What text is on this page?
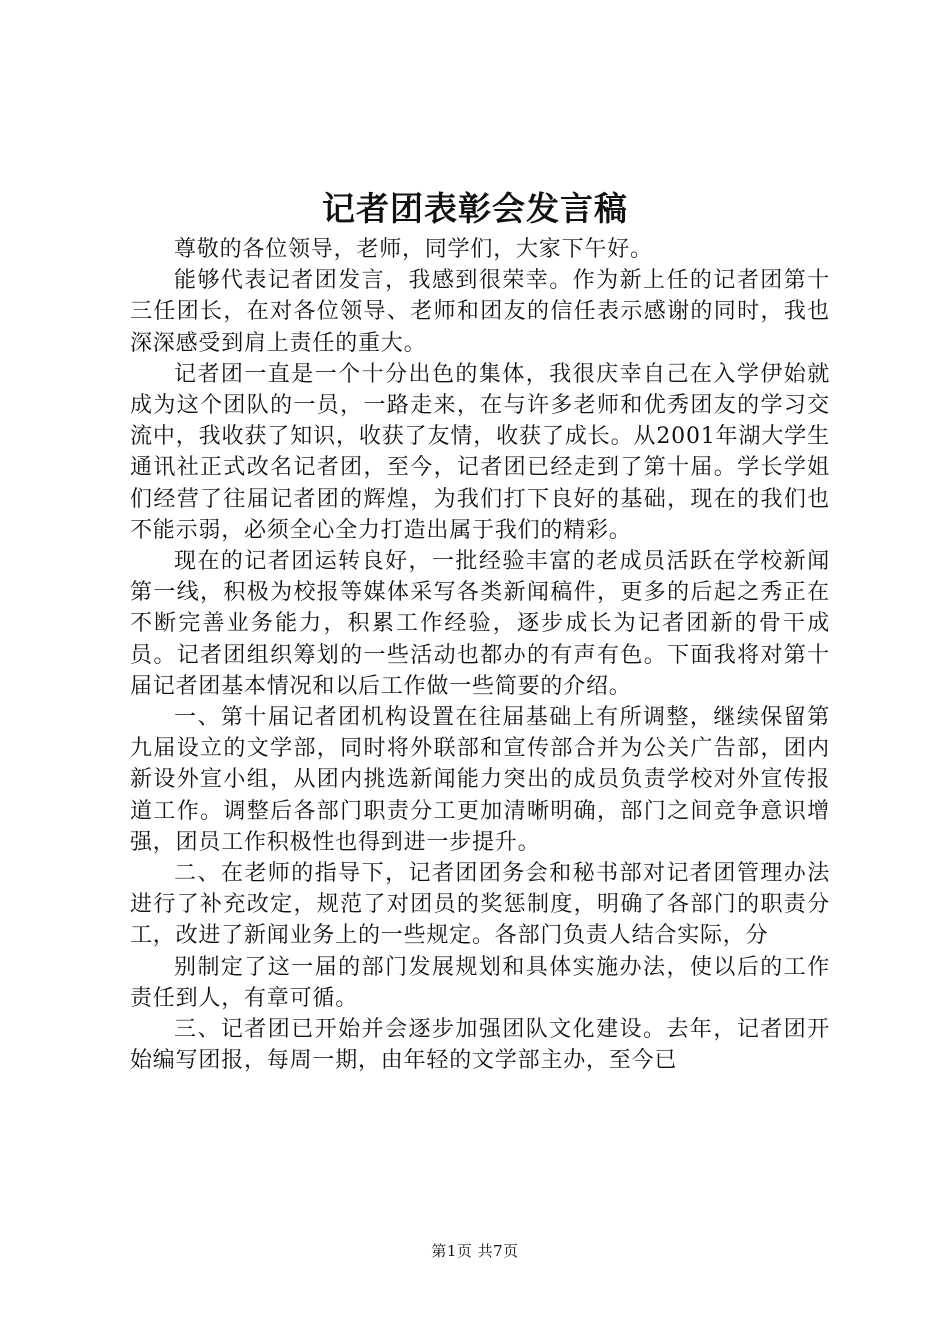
记者团表彰会发言稿

尊敬的各位领导，老师，同学们，大家下午好。

能够代表记者团发言，我感到很荣幸。作为新上任的记者团第十三任团长，在对各位领导、老师和团友的信任表示感谢的同时，我也深深感受到肩上责任的重大。

记者团一直是一个十分出色的集体，我很庆幸自己在入学伊始就成为这个团队的一员，一路走来，在与许多老师和优秀团友的学习交流中，我收获了知识，收获了友情，收获了成长。从2001年湖大学生通讯社正式改名记者团，至今，记者团已经走到了第十届。学长学姐们经营了往届记者团的辉煌，为我们打下良好的基础，现在的我们也不能示弱，必须全心全力打造出属于我们的精彩。

现在的记者团运转良好，一批经验丰富的老成员活跃在学校新闻第一线，积极为校报等媒体采写各类新闻稿件，更多的后起之秀正在不断完善业务能力，积累工作经验，逐步成长为记者团新的骨干成员。记者团组织筹划的一些活动也都办的有声有色。下面我将对第十届记者团基本情况和以后工作做一些简要的介绍。

一、第十届记者团机构设置在往届基础上有所调整，继续保留第九届设立的文学部，同时将外联部和宣传部合并为公关广告部，团内新设外宣小组，从团内挑选新闻能力突出的成员负责学校对外宣传报道工作。调整后各部门职责分工更加清晰明确，部门之间竞争意识增强，团员工作积极性也得到进一步提升。

二、在老师的指导下，记者团团务会和秘书部对记者团管理办法进行了补充改定，规范了对团员的奖惩制度，明确了各部门的职责分工，改进了新闻业务上的一些规定。各部门负责人结合实际，分

别制定了这一届的部门发展规划和具体实施办法，使以后的工作责任到人，有章可循。

三、记者团已开始并会逐步加强团队文化建设。去年，记者团开始编写团报，每周一期，由年轻的文学部主办，至今已

第1页 共7页
